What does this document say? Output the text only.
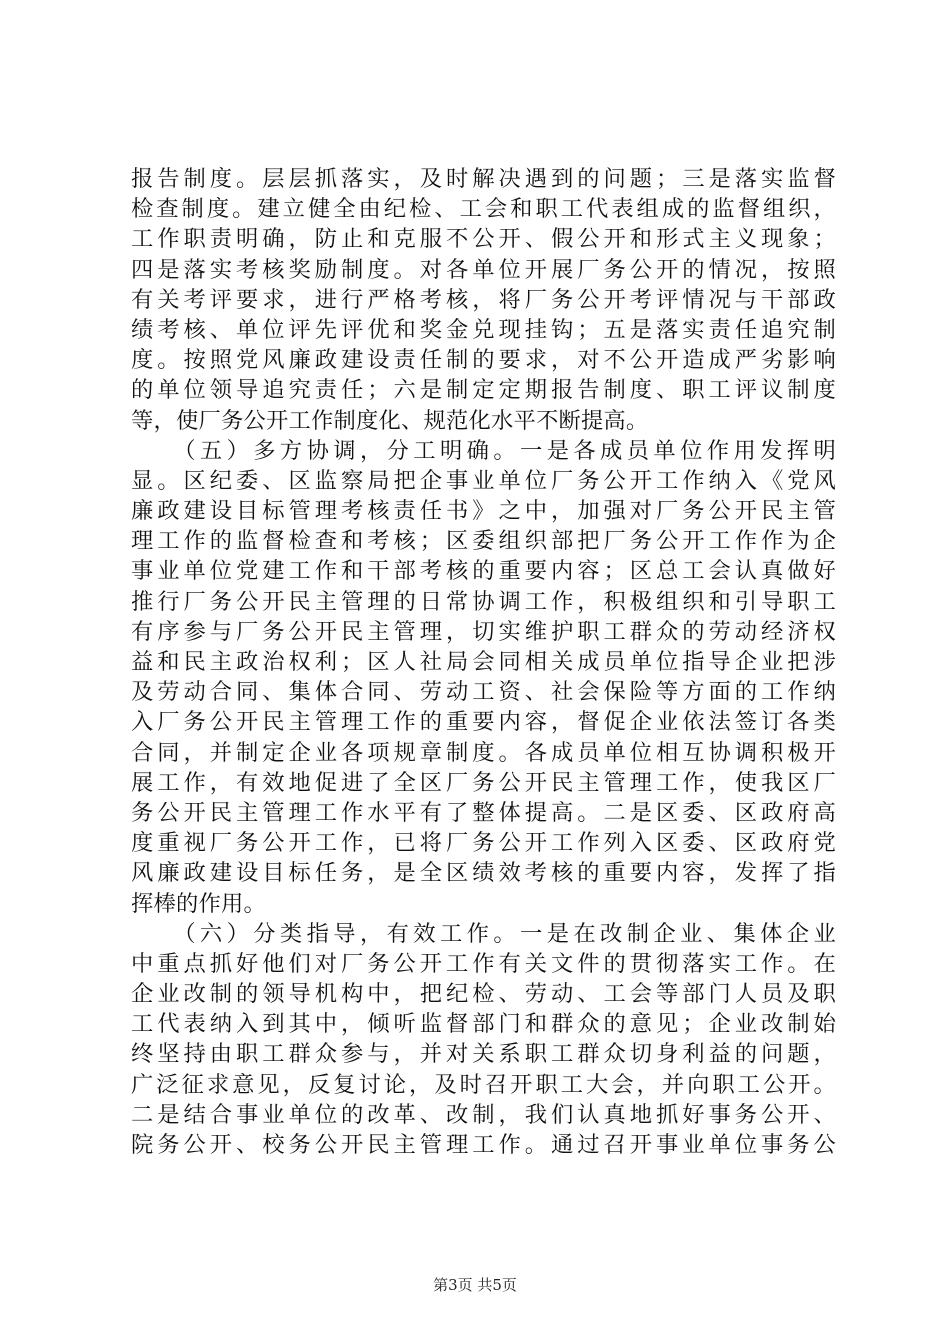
报告制度。层层抓落实，及时解决遇到的问题；三是落实监督
检查制度。建立健全由纪检、工会和职工代表组成的监督组织，
工作职责明确，防止和克服不公开、假公开和形式主义现象；
四是落实考核奖励制度。对各单位开展厂务公开的情况，按照
有关考评要求，进行严格考核，将厂务公开考评情况与干部政
绩考核、单位评先评优和奖金兑现挂钩；五是落实责任追究制
度。按照党风廉政建设责任制的要求，对不公开造成严劣影响
的单位领导追究责任；六是制定定期报告制度、职工评议制度
等，使厂务公开工作制度化、规范化水平不断提高。
　　（五）多方协调，分工明确。一是各成员单位作用发挥明
显。区纪委、区监察局把企事业单位厂务公开工作纳入《党风
廉政建设目标管理考核责任书》之中，加强对厂务公开民主管
理工作的监督检查和考核；区委组织部把厂务公开工作作为企
事业单位党建工作和干部考核的重要内容；区总工会认真做好
推行厂务公开民主管理的日常协调工作，积极组织和引导职工
有序参与厂务公开民主管理，切实维护职工群众的劳动经济权
益和民主政治权利；区人社局会同相关成员单位指导企业把涉
及劳动合同、集体合同、劳动工资、社会保险等方面的工作纳
入厂务公开民主管理工作的重要内容，督促企业依法签订各类
合同，并制定企业各项规章制度。各成员单位相互协调积极开
展工作，有效地促进了全区厂务公开民主管理工作，使我区厂
务公开民主管理工作水平有了整体提高。二是区委、区政府高
度重视厂务公开工作，已将厂务公开工作列入区委、区政府党
风廉政建设目标任务，是全区绩效考核的重要内容，发挥了指
挥棒的作用。
　　（六）分类指导，有效工作。一是在改制企业、集体企业
中重点抓好他们对厂务公开工作有关文件的贯彻落实工作。在
企业改制的领导机构中，把纪检、劳动、工会等部门人员及职
工代表纳入到其中，倾听监督部门和群众的意见；企业改制始
终坚持由职工群众参与，并对关系职工群众切身利益的问题，
广泛征求意见，反复讨论，及时召开职工大会，并向职工公开。
二是结合事业单位的改革、改制，我们认真地抓好事务公开、
院务公开、校务公开民主管理工作。通过召开事业单位事务公
第3页 共5页
